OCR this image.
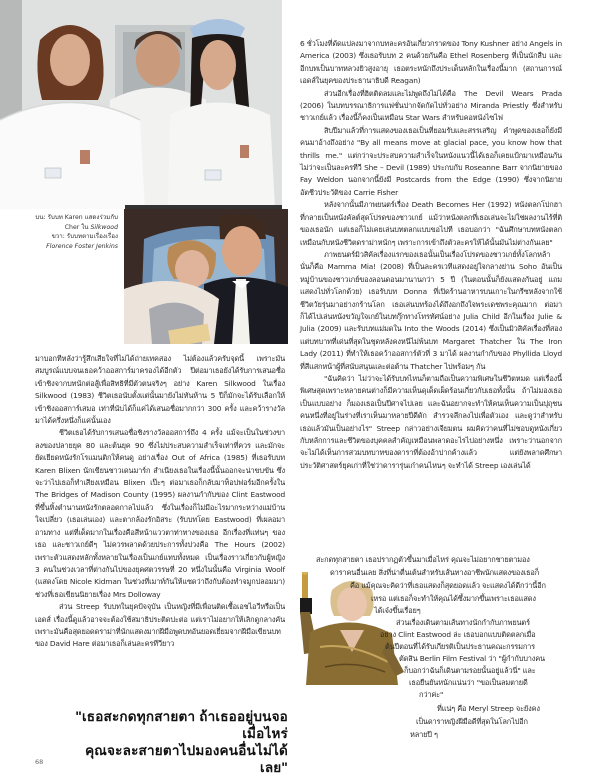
บน: รับบท Karen แสดงร่วมกับ
Cher ใน Silkwood
ขวา: รับบทตามเรื่องเรื่อง
Florence Foster Jenkins

มาบอกทีหลังว่ารู้สึกเสียใจที่ไม่ได้ถ่ายเทคสอง ไม่ต้องแล้วครับจุดนี้ เพราะมันสมบูรณ์แบบจนเธอคว้าออสการ์มาครองได้อีกตัว ปีต่อมาเธอยังได้รับการเสนอชื่อเข้าชิงจากบทนักต่อสู้เพื่อสิทธิที่มีตัวตนจริงๆ อย่าง Karen Silkwood ในเรื่อง Silkwood (1983) ชีวิตเธอนับตั้งแต่นั้นมายังไม่ทันห้าน 5 ปีก็มักจะได้รับเลือกให้เข้าชิงออสการ์เสมอ เท่าที่นับได้ก็แค่ได้เสนอชื่อมากกว่า 300 ครั้ง และคว้ารางวัลมาได้ครึ่งหนึ่งก็แค่นั้นเอง

ชีวิตเธอได้รับการเสนอชื่อชิงรางวัลออสการ์ถึง 4 ครั้ง แม้จะเป็นในช่วงขาลงของปลายยุค 80 และต้นยุค 90 ซึ่งไม่ประสบความสำเร็จเท่าที่ควร และมักจะยัดเยียดหนังรักโรแมนติกให้คนดู อย่างเรื่อง Out of Africa (1985) ที่เธอรับบท Karen Blixen นักเขียนชาวเดนมาร์ก สำเนียงเธอในเรื่องนี้นั้นออกจะน่าขบขัน ซึ่งจะว่าไปเธอก็ทำเสียงเหมือน Blixen เป๊ะๆ ต่อมาเธอก็กลับมาท็อปฟอร์มอีกครั้งใน The Bridges of Madison County (1995) ผลงานกำกับของ Clint Eastwood ที่ขึ้นหิ้งตำนานหนังรักตลอดกาลไปแล้ว ซึ่งในเรื่องก็ไม่มีอะไรมากระหว่างแม่บ้านใจเปลี่ยว (เธอเล่นเอง) และตากล้องรักอิสระ (รับบทโดย Eastwood) ที่เผลอมาถามทาง แต่ที่เด็ดมากในเรื่องคือสีหน้าแววตาท่าทางของเธอ อีกเรื่องที่แท่นๆ ของเธอ และชาวเกย์ดีๆ ไม่ควรพลาดด้วยประการทั้งปวงคือ The Hours (2002) เพราะตัวแสดงหลักทั้งหลายในเรื่องเป็นเกย์แทบทั้งหมด เป็นเรื่องราวเกี่ยวกับผู้หญิง 3 คนในช่วงเวลาที่ต่างกันไปของยุคศตวรรษที่ 20 หนึ่งในนั้นคือ Virginia Woolf (แสดงโดย Nicole Kidman ในช่วงที่เมาท์กันให้แซดว่าถึงกับต้องทำจมูกปลอมมา) ช่วงที่เธอเขียนนิยายเรื่อง Mrs Dolloway

ส่วน Streep รับบทในยุคปัจจุบัน เป็นหญิงที่มีเพื่อนติดเชื้อเอชไอวีหรือเป็นเอดส์ เรื่องนี้ดูแล้วอาจจะต้องใช้สมาธิประติดปะต่อ แต่เราไม่อยากให้เลิกดูกลางคัน เพราะมันคือสุดยอดดราม่าที่นักแสดงมากฝีมือพูดบทอันยอดเยี่ยมจากฝีมือเขียนบทของ David Hare ต่อมาเธอก็เล่นละครทีวียาว

"เธอสะกดทุกสายตา ถ้าเธออยู่บนจอเมื่อไหร่
คุณจะละสายตาไปมองคนอื่นไม่ได้เลย"
68

6 ชั่วโมงที่ดัดแปลงมาจากบทละครอันเกี่ยวกราดของ Tony Kushner อย่าง Angels in America (2003) ซึ่งเธอรับบท 2 คนด้วยกันคือ Ethel Rosenberg ที่เป็นนักสืบ และอีกบทเป็นบาทหลวงยิวสูงอายุ เธอตระหนักถึงประเด็นหลักในเรื่องนี้มาก (สถานการณ์เอดส์ในยุคของประธานาธิบดี Reagan)

ส่วนอีกเรื่องที่ฮิตติดลมและไม่พูดถึงไม่ได้คือ The Devil Wears Prada (2006) ในบทบรรณาธิการแฟชั่นปากจัดกัดไปทั่วอย่าง Miranda Priestly ซึ่งสำหรับชาวเกย์แล้ว เรื่องนี้ก็คงเป็นเหมือน Star Wars สำหรับคอหนังไซไฟ

สิบปีมาแล้วที่การแสดงของเธอเป็นที่ยอมรับและสรรเสริญ คำพูดของเธอก็ยังมีคนมาอ้างถึงอย่าง "By all means move at glacial pace, you know how that thrills me." แต่กว่าจะประสบความสำเร็จในหนังแนวนี้ได้เธอก็เคยแป้กมาเหมือนกัน ไม่ว่าจะเป็นละครทีวี She – Devil (1989) ประกบกับ Roseanne Barr จากนิยายของ Fay Weldon นอกจากนี้ยังมี Postcards from the Edge (1990) ซึ่งจากนิยายอัตชีวประวัติของ Carrie Fisher

หลังจากนั้นมีภาพยนตร์เรื่อง Death Becomes Her (1992) หนังตลกโปกฮาที่กลายเป็นหนังคัลต์สุดโปรดของชาวเกย์ แม้ว่าหนังตลกที่เธอเล่นจะไม่ใช่ผลงานไร้ที่ติของเธอนัก แต่เธอก็ไม่เคยเล่นบทตลกแบบขอไปที เธอบอกว่า "ฉันศึกษาบทหนังตลกเหมือนกับหนังชีวิตดราม่าหนักๆ เพราะการเข้าถึงตัวละครให้ได้นั้นมันไม่ต่างกันเลย"

ภาพยนตร์มิวสิคัลเรื่องแรกของเธอนั้นเป็นเรื่องโปรดของชาวเกย์ทั้งโลกหล้า นั่นก็คือ Mamma Mia! (2008) ที่เป็นละครเวทีแสดงอยู่ใจกลางย่าน Soho อันเป็นหมู่บ้านของชาวเกย์ของลอนดอนมานานกว่า 5 ปี (ในตอนนั้นก็ยังแสดงกันอยู่ แถมแสดงไปทั่วโลกด้วย) เธอรับบท Donna ที่เปิดร้านอาหารบนเกาะในกรีซหลังจากใช้ชีวิตวัยรุ่นมาอย่างกร้านโลก เธอเล่นบทร้องได้ถึงอกถึงใจพระเดชพระคุณมาก ต่อมาก็ได้ไปเล่นหนังขวัญใจเกย์ในบทกุ๊กทางโทรทัศน์อย่าง Julia Child อีกในเรื่อง Julie & Julia (2009) และรับบทแม่มดใน Into the Woods (2014) ซึ่งเป็นมิวสิคัลเรื่องที่สอง แต่บทบาทที่เด่นที่สุดในชุดหลังคงหนีไม่พ้นบท Margaret Thatcher ใน The Iron Lady (2011) ที่ทำให้เธอคว้าออสการ์ตัวที่ 3 มาได้ ผลงานกำกับของ Phyllida Lloyd ที่สีแสกหน้าผู้ที่สนับสนุนและต่อต้าน Thatcher ไปพร้อมๆ กัน

"ฉันคิดว่า ไม่ว่าจะได้รับบทไหนก็ตามถือเป็นความพิเศษในชีวิตหมด แต่เรื่องนี้พิเศษสุดเพราะหลายคนต่างก็มีความเห็นดุเด็ดเผ็ดร้อนเกี่ยวกับเธอทั้งนั้น ถ้าไม่มองเธอเป็นแบบอย่าง ก็มองเธอเป็นปีศาจไปเลย และฉันอยากจะทำให้คนเห็นความเป็นปุถุชนคนหนึ่งที่อยู่ในร่างที่เราเห็นมาหลายปีดีดัก สำรวจลึกลงไปเพื่อตัวเอง และดูว่าสำหรับเธอแล้วมันเป็นอย่างไร" Streep กล่าวอย่างเจียมตน ผมคิดว่าคนที่ไม่ชอบดูหนังเกี่ยวกับหลักการและชีวิตของบุคคลสำคัญเหมือนพลาดอะไรไปอย่างหนึ่ง เพราะว่านอกจากจะไม่ได้เห็นการสวมบทบาทของดาราที่ต้องอ้าปากค้างแล้ว แต่ยังพลาดศึกษาประวัติศาสตร์ยุคเก่าที่ใช่ว่าดารารุ่นเก๋าคนไหนๆ จะทำได้ Streep เองเล่นได้

สะกดทุกสายตา เธอปรากฏตัวขึ้นมาเมื่อไหร่ คุณจะไม่อยากชายตามอง
ดาราคนอื่นเลย สิ่งที่น่าตื่นเต้นสำหรับเส้นทางอาชีพนักแสดงของเธอก็
คือ แม้คุณจะคิดว่าที่เธอแสดงก็สุดยอดแล้ว จะแสดงได้ดีกว่านี้อีก
เหรอ แต่เธอก็จะทำให้คุณได้ซึ้งมากขึ้นเพราะเธอแสดง
ได้เจ๋งขึ้นเรื่อยๆ
ส่วนเรื่องเดินตามเส้นทางนักกำกับภาพยนตร์
อย่าง Clint Eastwood ล่ะ เธอบอกแบบติดตลกเมื่อ
ต้นปีตอนที่ได้รับเกียรติเป็นประธานคณะกรรมการ
ตัดสิน Berlin Film Festival ว่า "ผู้กำกับบางคน
ก็บอกว่าฉันก็เดินตามรอยนั้นอยู่แล้วนี่" และ
เธอยืนยันหนักแน่นว่า "ขอเป็นลมตายดี
กว่าค่ะ"
ที่แน่ๆ คือ Meryl Streep จะยังคง
เป็นดาราหญิงฝีมือดีที่สุดในโลกไปอีก
หลายปี ๆ
